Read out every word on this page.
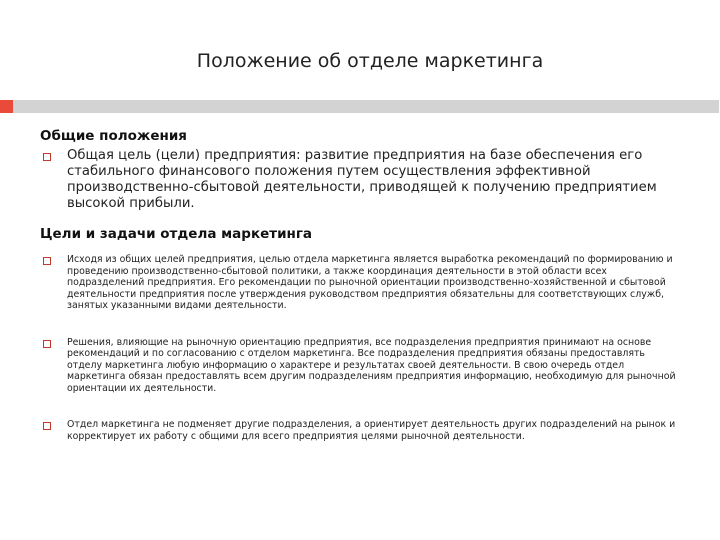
Положение об отделе маркетинга
Общие положения
Общая цель (цели) предприятия: развитие предприятия на базе обеспечения его стабильного финансового положения путем осуществления эффективной производственно-сбытовой деятельности, приводящей к получению предприятием высокой прибыли.
Цели и задачи отдела маркетинга
Исходя из общих целей предприятия, целью отдела маркетинга является выработка рекомендаций по формированию и проведению производственно-сбытовой политики, а также координация деятельности в этой области всех подразделений предприятия. Его рекомендации по рыночной ориентации производственно-хозяйственной и сбытовой деятельности предприятия после утверждения руководством предприятия обязательны для соответствующих служб, занятых указанными видами деятельности.
Решения, влияющие на рыночную ориентацию предприятия, все подразделения предприятия принимают на основе рекомендаций и по согласованию с отделом маркетинга. Все подразделения предприятия обязаны предоставлять отделу маркетинга любую информацию о характере и результатах своей деятельности. В свою очередь отдел маркетинга обязан предоставлять всем другим подразделениям предприятия информацию, необходимую для рыночной ориентации их деятельности.
Отдел маркетинга не подменяет другие подразделения, а ориентирует деятельность других подразделений на рынок и корректирует их работу с общими для всего предприятия целями рыночной деятельности.
